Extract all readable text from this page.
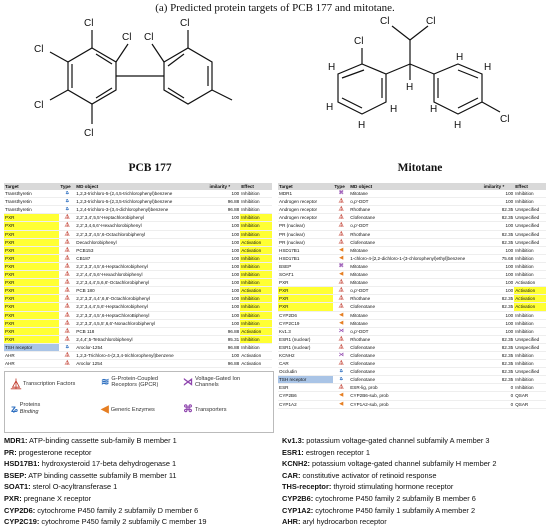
(a) Predicted protein targets of PCB 177 and mitotane.
Cl
Cl
Cl
Cl
Cl
Cl
Cl
PCB 177
Cl	Cl
Cl
Cl
H
H
H
H
H	H
H
H
H
Mitotane
Target	Type	MD object	imilarity *	Effect
Transthyretin	ʑ	1,2,3-trichloro-5-(2,4,5-trichlorophenyl)benzene	100	Inhibition
Transthyretin	ʑ	1,2,3-trichloro-5-(2,3,5-trichlorophenyl)benzene	96.88	Inhibition
Transthyretin	ʑ	1,2,4-trichloro-3-(3,4-dichlorophenyl)benzene	96.88	Inhibition
PXR	⏅	2,2',3,4',5,5'-Heptachlorobiphenyl	100	Inhibition
PXR	⏅	2,2',3,4,6,6'-Hexachlorobiphenyl	100	Inhibition
PXR	⏅	2,2',3,3',4,5',6-Octachlorobiphenyl	100	Inhibition
PXR	⏅	Decachlorobiphenyl	100	Activation
PXR	⏅	PCB153	100	Activation
PXR	⏅	CB187	100	Inhibition
PXR	⏅	2,2',3,3',4,5',6-Heptachlorobiphenyl	100	Inhibition
PXR	⏅	2,2',4,4',5,6'-Hexachlorobiphenyl	100	Inhibition
PXR	⏅	2,2',3,4,4',5,6,6'-Octachlorobiphenyl	100	Inhibition
PXR	⏅	PCB 180	100	Activation
PXR	⏅	2,2',3,3',4,4',6,6'-Octachlorobiphenyl	100	Inhibition
PXR	⏅	2,2',3,4,4',5,6'-Heptachlorobiphenyl	100	Inhibition
PXR	⏅	2,2',3,3',4,5',6-HeptaChloroBiphenyl	100	Inhibition
PXR	⏅	2,2',3,3',4,5,5',6,6'-Nonachlorobiphenyl	100	Inhibition
PXR	⏅	PCB 118	96.88	Activation
PXR	⏅	2,4,4',5-Tetrachlorobiphenyl	95.31	Inhibition
TSH receptor	ʑ	Aroclor-1254	96.88	Inhibition
AHR	⏅	1,2,3-Trichloro-4-(2,3,4-trichlorophenyl)benzene	100	Activation
AHR	⏅	Aroclor 1254	96.88	Activation
Target	Type	MD object	imilarity *	Effect
MDR1	⌘	Mitotane	100	Inhibition
Androgen receptor	⏅	o,p'-DDT	100	Inhibition
Androgen receptor	⏅	Rhothane	82.35	Unspecified
Androgen receptor	⏅	Clofenotane	82.35	Unspecified
PR (nuclear)	⏅	o,p'-DDT	100	Unspecified
PR (nuclear)	⏅	Rhothane	82.35	Unspecified
PR (nuclear)	⏅	Clofenotane	82.35	Unspecified
HSD17B1	◀	Mitotane	100	Inhibition
HSD17B1	◀	1-chloro-4-[2,2-dichloro-1-(3-chlorophenyl)ethyl]benzene	75.68	Inhibition
BSEP	⌘	Mitotane	100	Inhibition
SOAT1	◀	Mitotane	100	Inhibition
PXR	⏅	Mitotane	100	Activation
PXR	⏅	o,p'-DDT	100	Activation
PXR	⏅	Rhothane	82.35	Activation
PXR	⏅	Clofenotane	82.35	Activation
CYP2D6	◀	Mitotane	100	Inhibition
CYP2C19	◀	Mitotane	100	Inhibition
Kv1.3	⋊	o,p'-DDT	100	Inhibition
ESR1 (nuclear)	⏅	Rhothane	82.35	Unspecified
ESR1 (nuclear)	⏅	Clofenotane	82.35	Unspecified
KCNH2	⋊	Clofenotane	82.35	Inhibition
CAR	⏅	Clofenotane	82.35	Inhibition
Occludin	ʑ	Clofenotane	82.35	Unspecified
TSH receptor	ʑ	Clofenotane	82.35	Inhibition
ESR	⏅	ESR-lig, prob	0	Inhibition
CYP2B6	◀	CYP2B6-sub, prob	0	QSAR
CYP1A2	◀	CYP1A2-sub, prob	0	QSAR
⏅ Transcription Factors	≋ G-Protein-Coupled Receptors (GPCR)	⋊ Voltage-Gated Ion Channels
ʑ Proteins
Binding	◀ Generic Enzymes	⌘ Transporters
MDR1: ATP-binding cassette sub-family B member 1
PR: progesterone receptor
HSD17B1: hydroxysteroid 17-beta dehydrogenase 1
BSEP: ATP binding cassette subfamily B member 11
SOAT1: sterol O-acyltransferase 1
PXR: pregnane X receptor
CYP2D6: cytochrome P450 family 2 subfamily D member 6
CYP2C19: cytochrome P450 family 2 subfamily C member 19
Kv1.3: potassium voltage-gated channel subfamily A member 3
ESR1: estrogen receptor 1
KCNH2: potassium voltage-gated channel subfamily H member 2
CAR: constitutive activator of retinoid response
THS-receptor: thyroid stimulating hormone receptor
CYP2B6: cytochrome P450 family 2 subfamily B member 6
CYP1A2: cytochrome P450 family 1 subfamily A member 2
AHR: aryl hydrocarbon receptor
